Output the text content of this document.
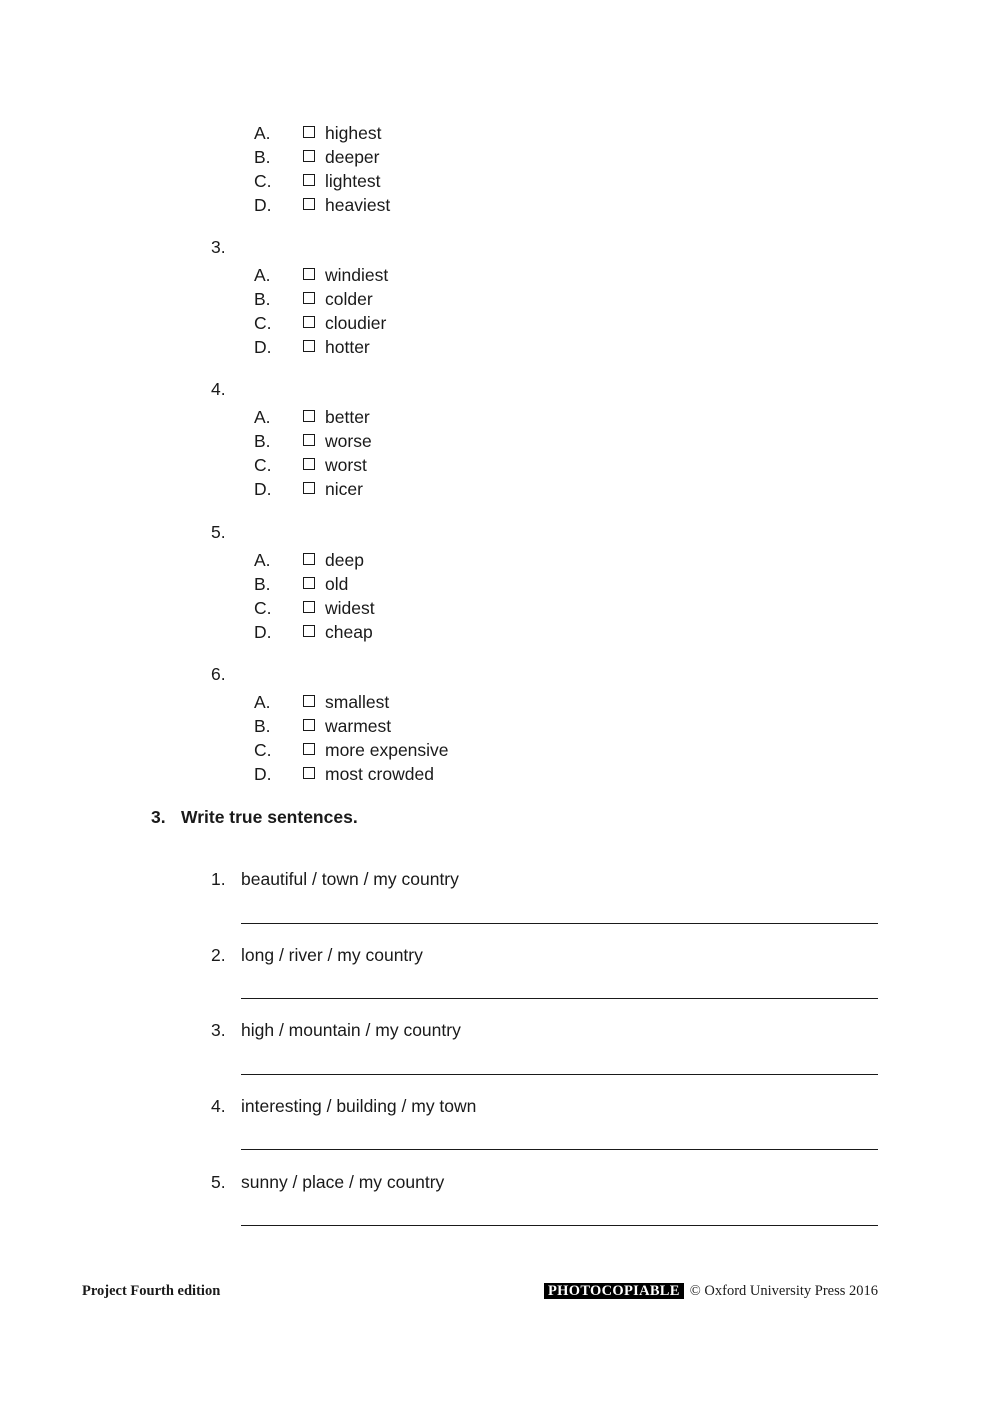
A.	highest
B.	deeper
C.	lightest
D.	heaviest
3.
A.	windiest
B.	colder
C.	cloudier
D.	hotter
4.
A.	better
B.	worse
C.	worst
D.	nicer
5.
A.	deep
B.	old
C.	widest
D.	cheap
6.
A.	smallest
B.	warmest
C.	more expensive
D.	most crowded
3. Write true sentences.
1. beautiful / town / my country
2. long / river / my country
3. high / mountain / my country
4. interesting / building / my town
5. sunny / place / my country
Project Fourth edition	PHOTOCOPIABLE © Oxford University Press 2016
